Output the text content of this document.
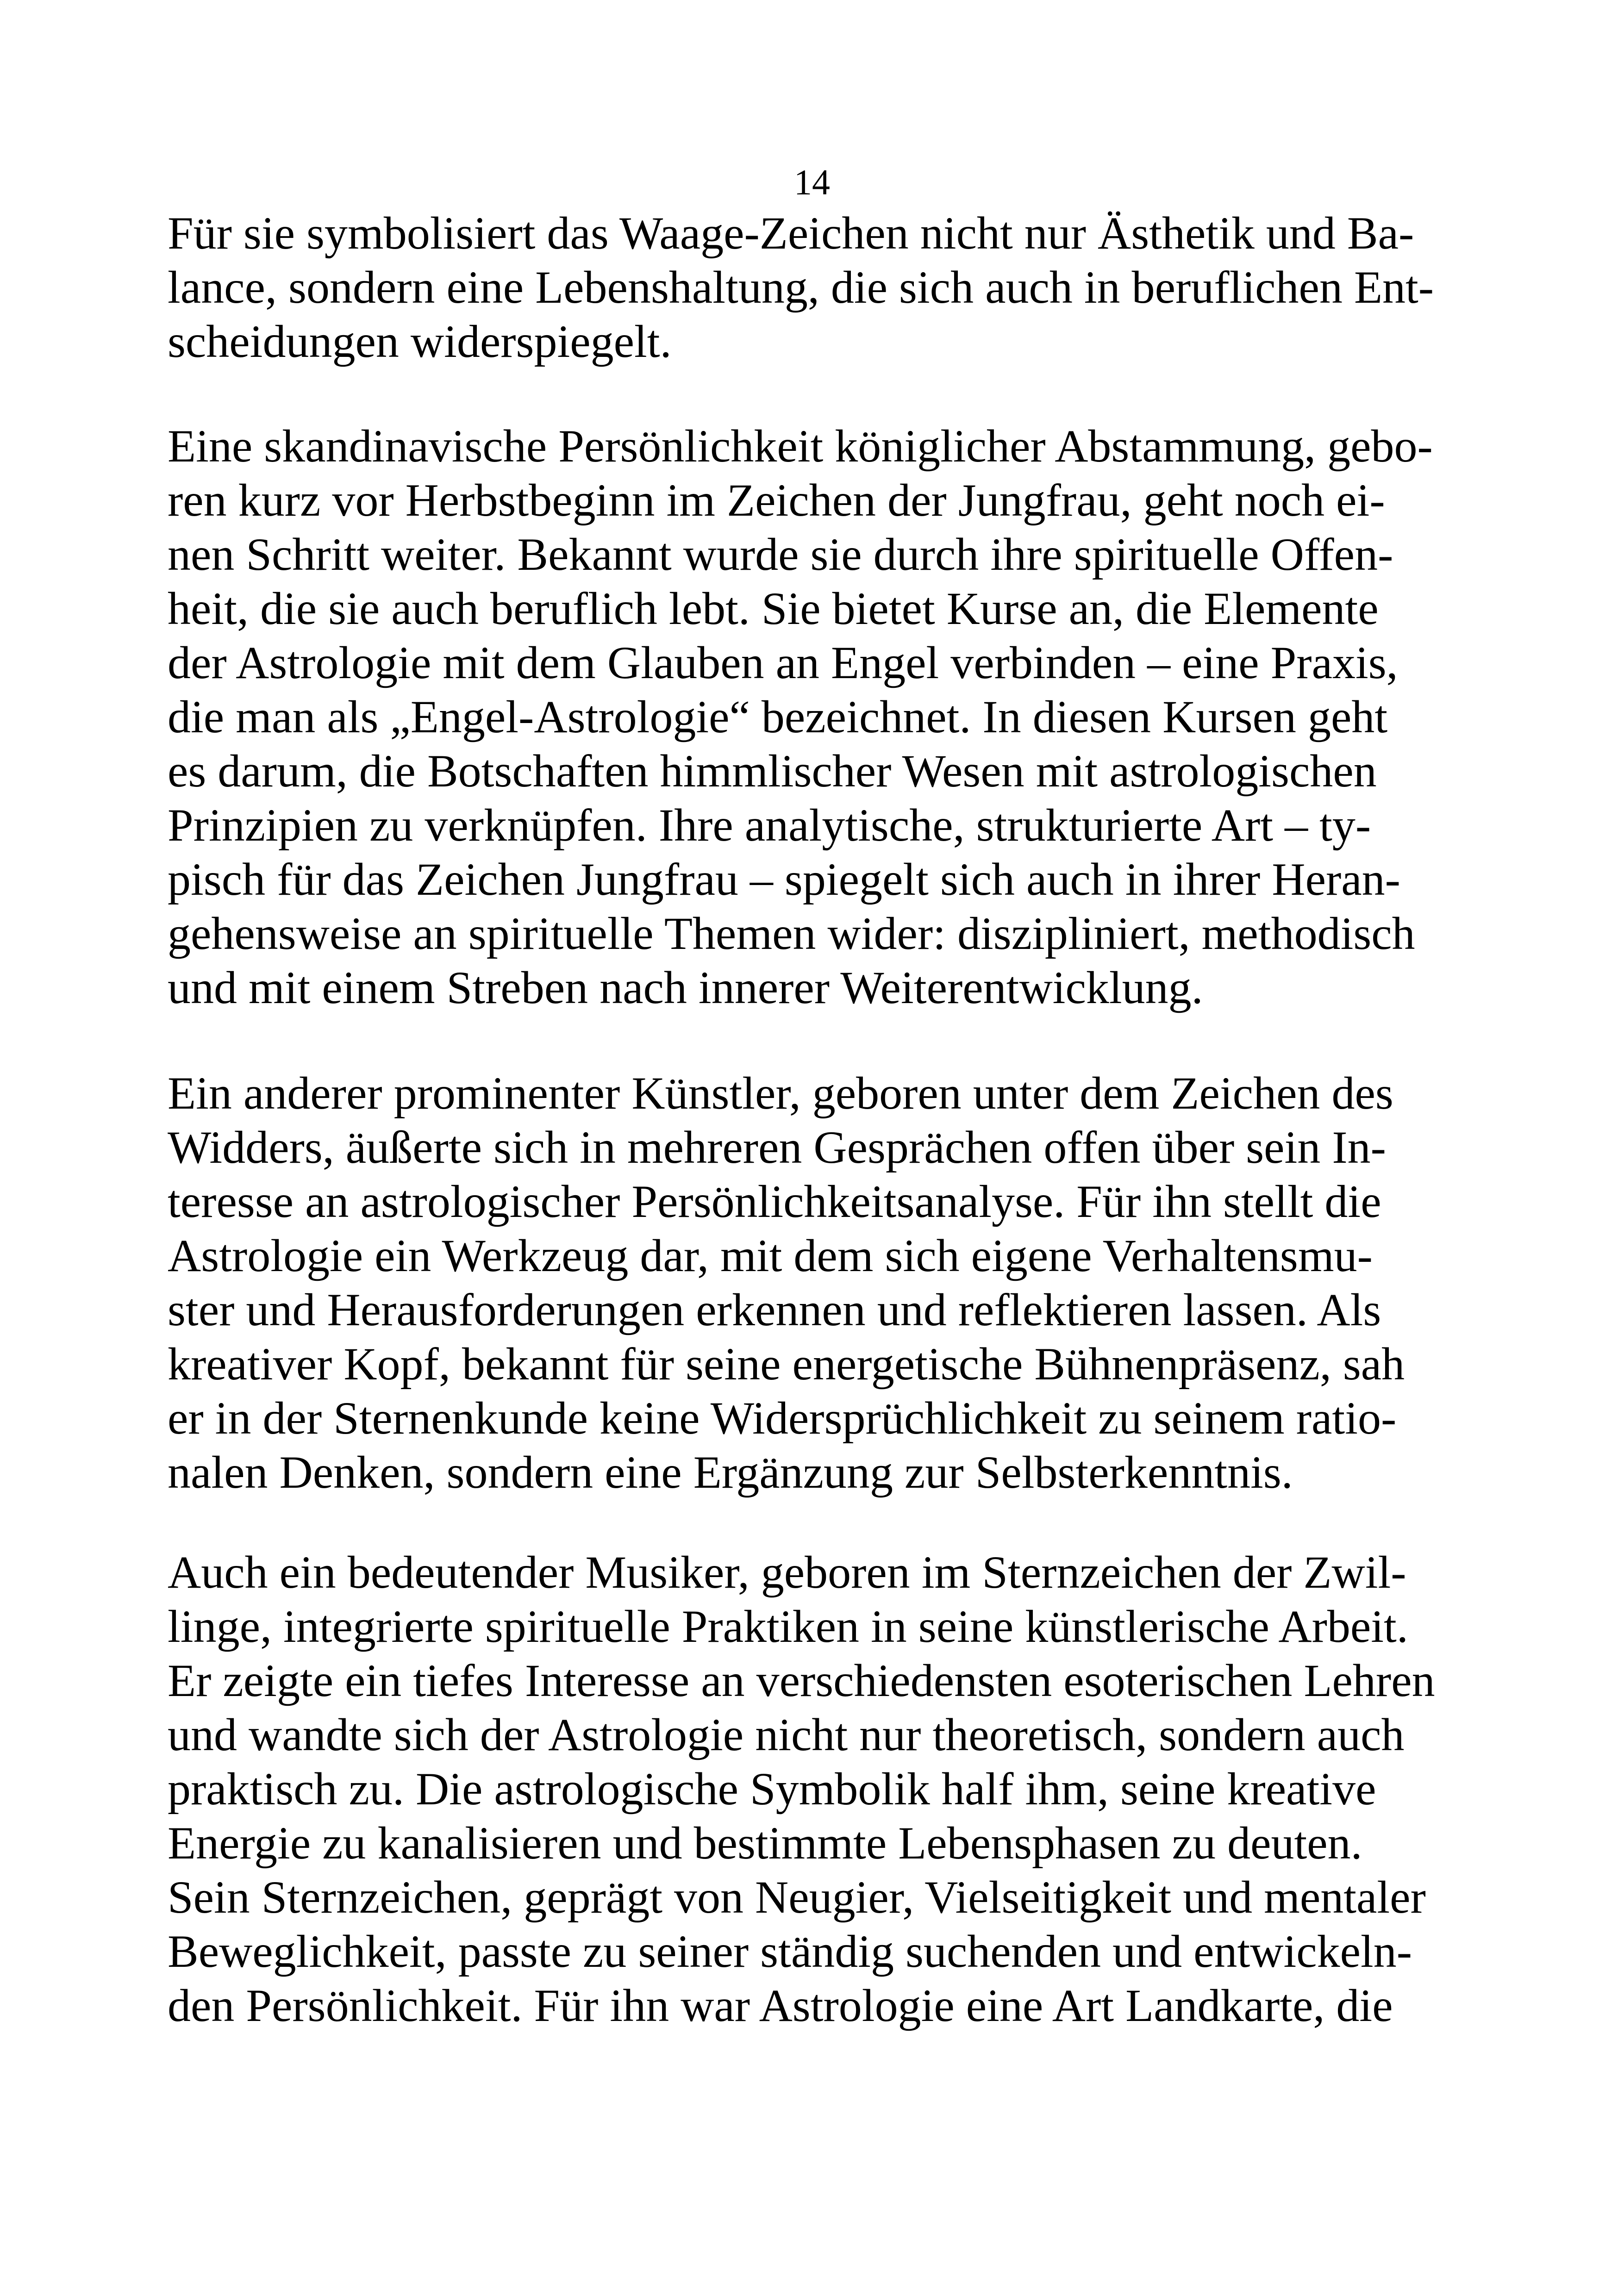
14
Für sie symbolisiert das Waage-Zeichen nicht nur Ästhetik und Ba-
lance, sondern eine Lebenshaltung, die sich auch in beruflichen Ent-
scheidungen widerspiegelt.
Eine skandinavische Persönlichkeit königlicher Abstammung, gebo-
ren kurz vor Herbstbeginn im Zeichen der Jungfrau, geht noch ei-
nen Schritt weiter. Bekannt wurde sie durch ihre spirituelle Offen-
heit, die sie auch beruflich lebt. Sie bietet Kurse an, die Elemente
der Astrologie mit dem Glauben an Engel verbinden – eine Praxis,
die man als „Engel-Astrologie“ bezeichnet. In diesen Kursen geht
es darum, die Botschaften himmlischer Wesen mit astrologischen
Prinzipien zu verknüpfen. Ihre analytische, strukturierte Art – ty-
pisch für das Zeichen Jungfrau – spiegelt sich auch in ihrer Heran-
gehensweise an spirituelle Themen wider: diszipliniert, methodisch
und mit einem Streben nach innerer Weiterentwicklung.
Ein anderer prominenter Künstler, geboren unter dem Zeichen des
Widders, äußerte sich in mehreren Gesprächen offen über sein In-
teresse an astrologischer Persönlichkeitsanalyse. Für ihn stellt die
Astrologie ein Werkzeug dar, mit dem sich eigene Verhaltensmu-
ster und Herausforderungen erkennen und reflektieren lassen. Als
kreativer Kopf, bekannt für seine energetische Bühnenpräsenz, sah
er in der Sternenkunde keine Widersprüchlichkeit zu seinem ratio-
nalen Denken, sondern eine Ergänzung zur Selbsterkenntnis.
Auch ein bedeutender Musiker, geboren im Sternzeichen der Zwil-
linge, integrierte spirituelle Praktiken in seine künstlerische Arbeit.
Er zeigte ein tiefes Interesse an verschiedensten esoterischen Lehren
und wandte sich der Astrologie nicht nur theoretisch, sondern auch
praktisch zu. Die astrologische Symbolik half ihm, seine kreative
Energie zu kanalisieren und bestimmte Lebensphasen zu deuten.
Sein Sternzeichen, geprägt von Neugier, Vielseitigkeit und mentaler
Beweglichkeit, passte zu seiner ständig suchenden und entwickeln-
den Persönlichkeit. Für ihn war Astrologie eine Art Landkarte, die
